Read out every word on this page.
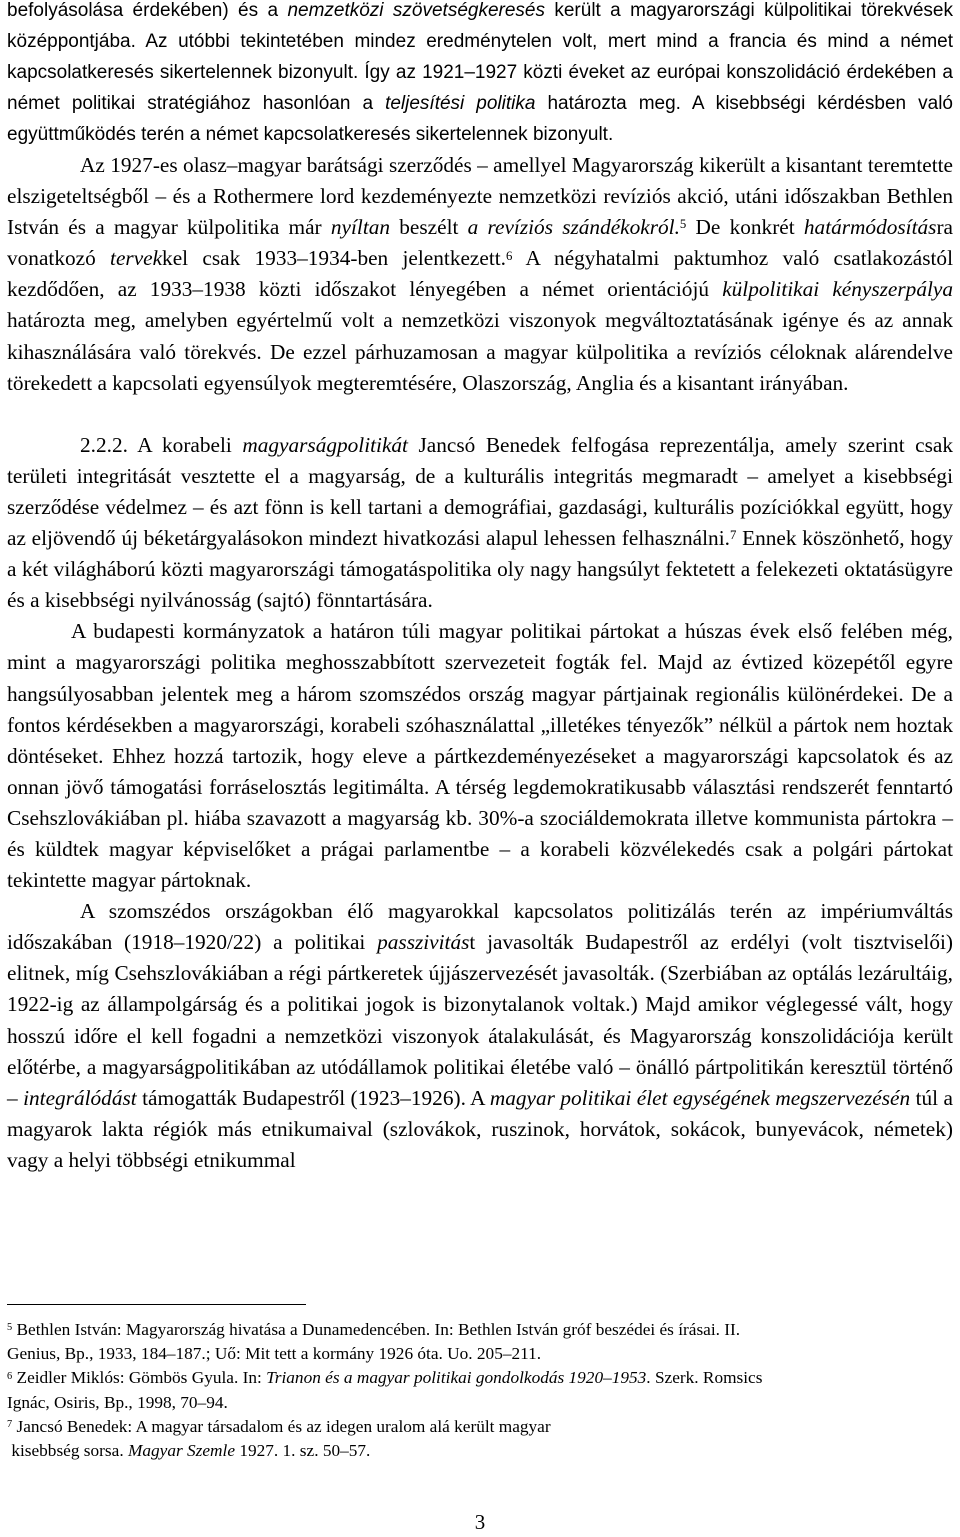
befolyásolása érdekében) és a nemzetközi szövetségkeresés került a magyarországi külpolitikai törekvések középpontjába. Az utóbbi tekintetében mindez eredménytelen volt, mert mind a francia és mind a német kapcsolatkeresés sikertelennek bizonyult. Így az 1921–1927 közti éveket az európai konszolidáció érdekében a német politikai stratégiához hasonlóan a teljesítési politika határozta meg. A kisebbségi kérdésben való együttműködés terén a német kapcsolatkeresés sikertelennek bizonyult.

Az 1927-es olasz–magyar barátsági szerződés – amellyel Magyarország kikerült a kisantant teremtette elszigeteltségből – és a Rothermere lord kezdeményezte nemzetközi revíziós akció, utáni időszakban Bethlen István és a magyar külpolitika már nyíltan beszélt a revíziós szándékokról.$^5$ De konkrét határmódosításra vonatkozó tervekkel csak 1933–1934-ben jelentkezett.$^6$ A négyhatalmi paktumhoz való csatlakozástól kezdődően, az 1933–1938 közti időszakot lényegében a német orientációjú külpolitikai kényszerpálya határozta meg, amelyben egyértelmű volt a nemzetközi viszonyok megváltoztatásának igénye és az annak kihasználására való törekvés. De ezzel párhuzamosan a magyar külpolitika a revíziós céloknak alárendelve törekedett a kapcsolati egyensúlyok megteremtésére, Olaszország, Anglia és a kisantant irányában.

2.2.2. A korabeli magyarságpolitikát Jancsó Benedek felfogása reprezentálja, amely szerint csak területi integritását vesztette el a magyarság, de a kulturális integritás megmaradt – amelyet a kisebbségi szerződése védelmez – és azt fönn is kell tartani a demográfiai, gazdasági, kulturális pozíciókkal együtt, hogy az eljövendő új béketárgyalásokon mindezt hivatkozási alapul lehessen felhasználni.$^7$ Ennek köszönhető, hogy a két világháború közti magyarországi támogatáspolitika oly nagy hangsúlyt fektetett a felekezeti oktatásügyre és a kisebbségi nyilvánosság (sajtó) fönntartására.

A budapesti kormányzatok a határon túli magyar politikai pártokat a húszas évek első felében még, mint a magyarországi politika meghosszabbított szervezeteit fogták fel. Majd az évtized közepétől egyre hangsúlyosabban jelentek meg a három szomszédos ország magyar pártjainak regionális különérdekei. De a fontos kérdésekben a magyarországi, korabeli szóhasználattal „illetékes tényezők” nélkül a pártok nem hoztak döntéseket. Ehhez hozzá tartozik, hogy eleve a pártkezdeményezéseket a magyarországi kapcsolatok és az onnan jövő támogatási forráselosztás legitimálta. A térség legdemokratikusabb választási rendszerét fenntartó Csehszlovákiában pl. hiába szavazott a magyarság kb. 30%-a szociáldemokrata illetve kommunista pártokra – és küldtek magyar képviselőket a prágai parlamentbe – a korabeli közvélekedés csak a polgári pártokat tekintette magyar pártoknak.

A szomszédos országokban élő magyarokkal kapcsolatos politizálás terén az impériumváltás időszakában (1918–1920/22) a politikai passzivitást javasolták Budapestről az erdélyi (volt tisztviselői) elitnek, míg Csehszlovákiában a régi pártkeretek újjászervezését javasolták. (Szerbiában az optálás lezárultáig, 1922-ig az állampolgárság és a politikai jogok is bizonytalanok voltak.) Majd amikor véglegessé vált, hogy hosszú időre el kell fogadni a nemzetközi viszonyok átalakulását, és Magyarország konszolidációja került előtérbe, a magyarságpolitikában az utódállamok politikai életébe való – önálló pártpolitikán keresztül történő – integrálódást támogatták Budapestről (1923–1926). A magyar politikai élet egységének megszervezésén túl a magyarok lakta régiók más etnikumaival (szlovákok, ruszinok, horvátok, sokácok, bunyevácok, németek) vagy a helyi többségi etnikummal

$^5$ Bethlen István: Magyarország hivatása a Dunamedencében. In: Bethlen István gróf beszédei és írásai. II.
Genius, Bp., 1933, 184–187.; Uő: Mit tett a kormány 1926 óta. Uo. 205–211.

$^6$ Zeidler Miklós: Gömbös Gyula. In: Trianon és a magyar politikai gondolkodás 1920–1953. Szerk. Romsics
Ignác, Osiris, Bp., 1998, 70–94.

$^7$ Jancsó Benedek: A magyar társadalom és az idegen uralom alá került magyar
kisebbség sorsa. Magyar Szemle 1927. 1. sz. 50–57.

3
